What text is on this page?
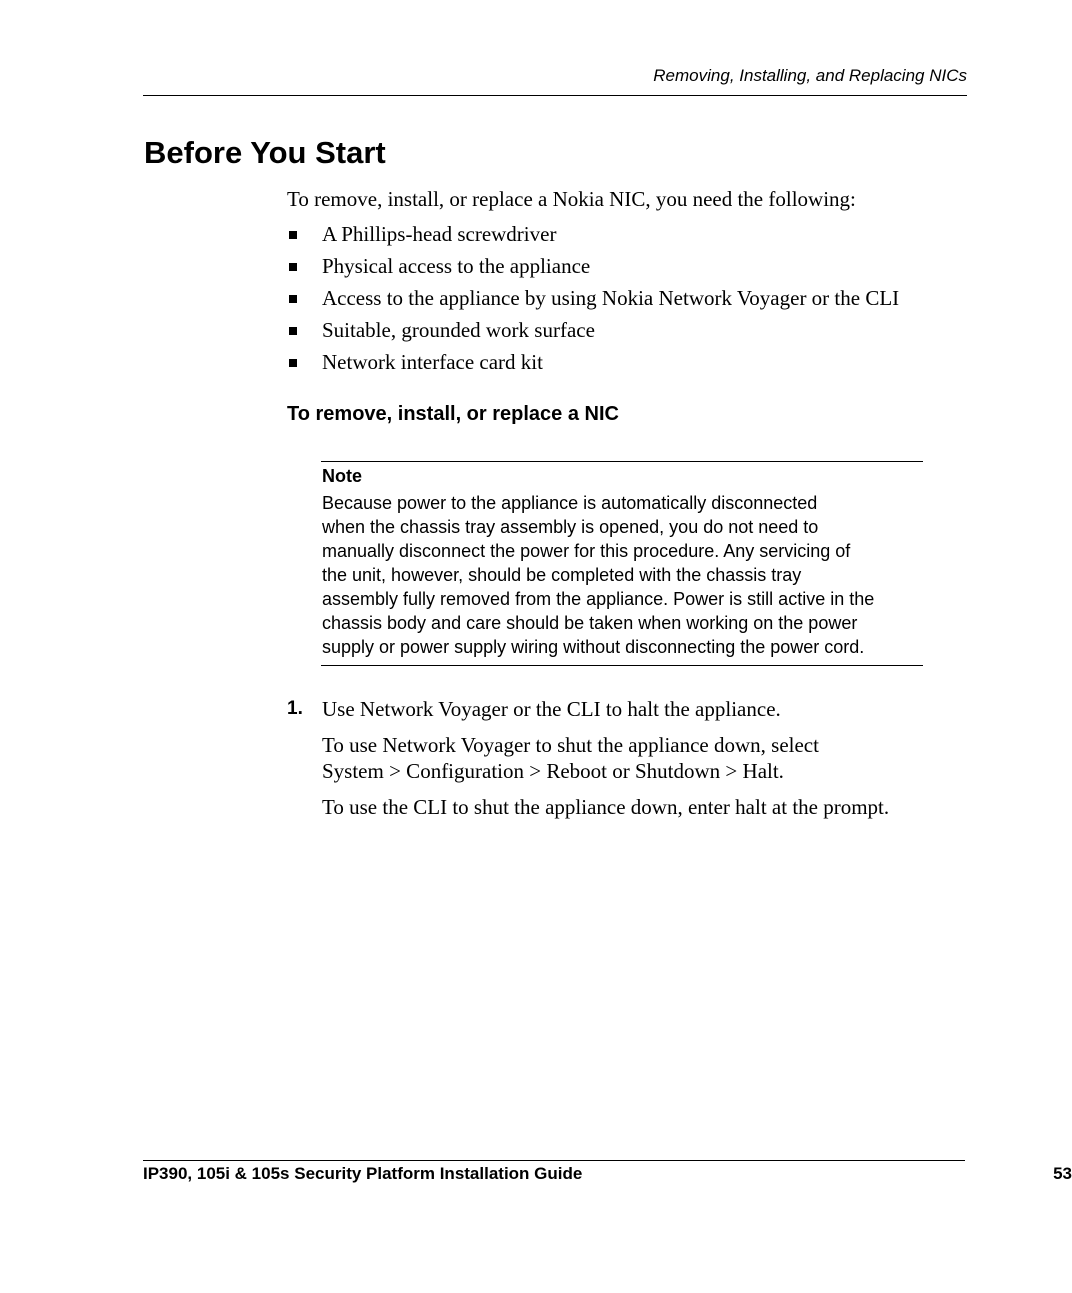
Removing, Installing, and Replacing NICs
Before You Start

To remove, install, or replace a Nokia NIC, you need the following:

A Phillips-head screwdriver
Physical access to the appliance
Access to the appliance by using Nokia Network Voyager or the CLI
Suitable, grounded work surface
Network interface card kit
To remove, install, or replace a NIC
Note
Because power to the appliance is automatically disconnected
when the chassis tray assembly is opened, you do not need to
manually disconnect the power for this procedure. Any servicing of
the unit, however, should be completed with the chassis tray
assembly fully removed from the appliance. Power is still active in the
chassis body and care should be taken when working on the power
supply or power supply wiring without disconnecting the power cord.
1. Use Network Voyager or the CLI to halt the appliance.

To use Network Voyager to shut the appliance down, select
System > Configuration > Reboot or Shutdown > Halt.

To use the CLI to shut the appliance down, enter halt at the prompt.

IP390, 105i & 105s Security Platform Installation Guide	53
